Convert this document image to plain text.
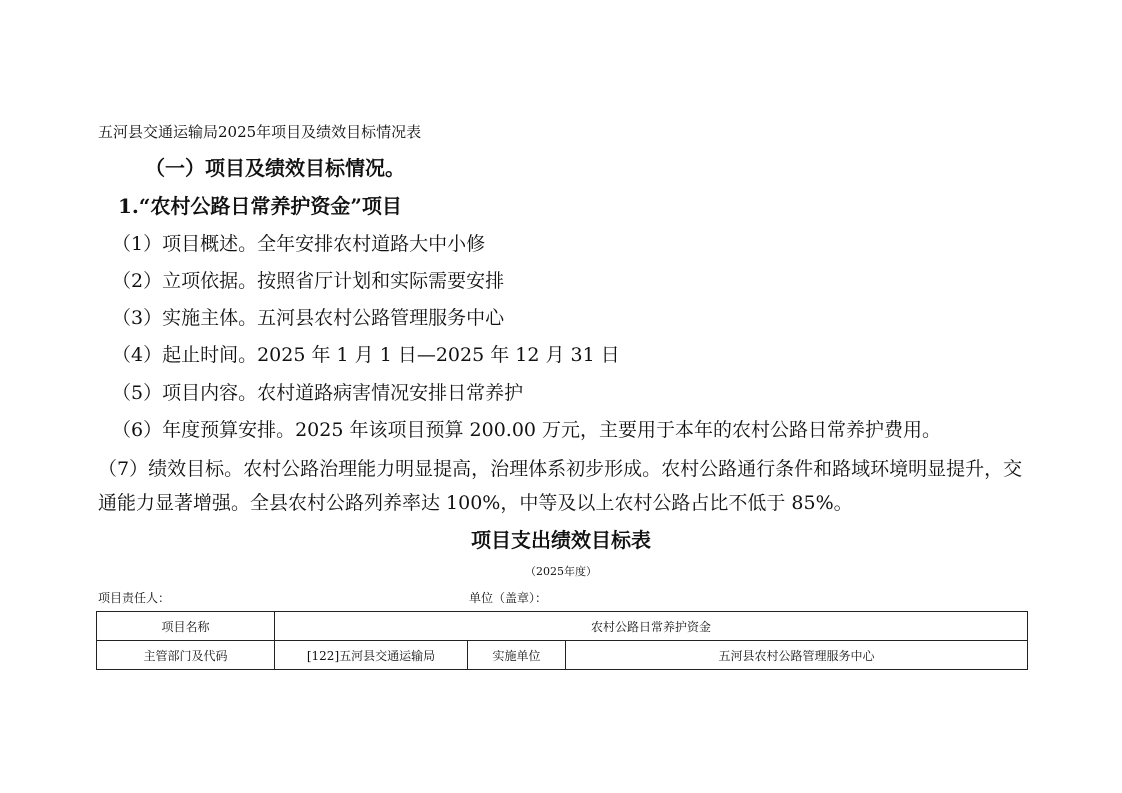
五河县交通运输局2025年项目及绩效目标情况表
（一）项目及绩效目标情况。
1.“农村公路日常养护资金”项目
（1）项目概述。全年安排农村道路大中小修
（2）立项依据。按照省厅计划和实际需要安排
（3）实施主体。五河县农村公路管理服务中心
（4）起止时间。2025 年 1 月 1 日—2025 年 12 月 31 日
（5）项目内容。农村道路病害情况安排日常养护
（6）年度预算安排。2025 年该项目预算 200.00 万元，主要用于本年的农村公路日常养护费用。
（7）绩效目标。农村公路治理能力明显提高，治理体系初步形成。农村公路通行条件和路域环境明显提升，交通能力显著增强。全县农村公路列养率达 100%，中等及以上农村公路占比不低于 85%。
项目支出绩效目标表
（2025年度）
项目责任人：	单位（盖章）：
项目名称	农村公路日常养护资金		
主管部门及代码	[122]五河县交通运输局	实施单位	五河县农村公路管理服务中心
